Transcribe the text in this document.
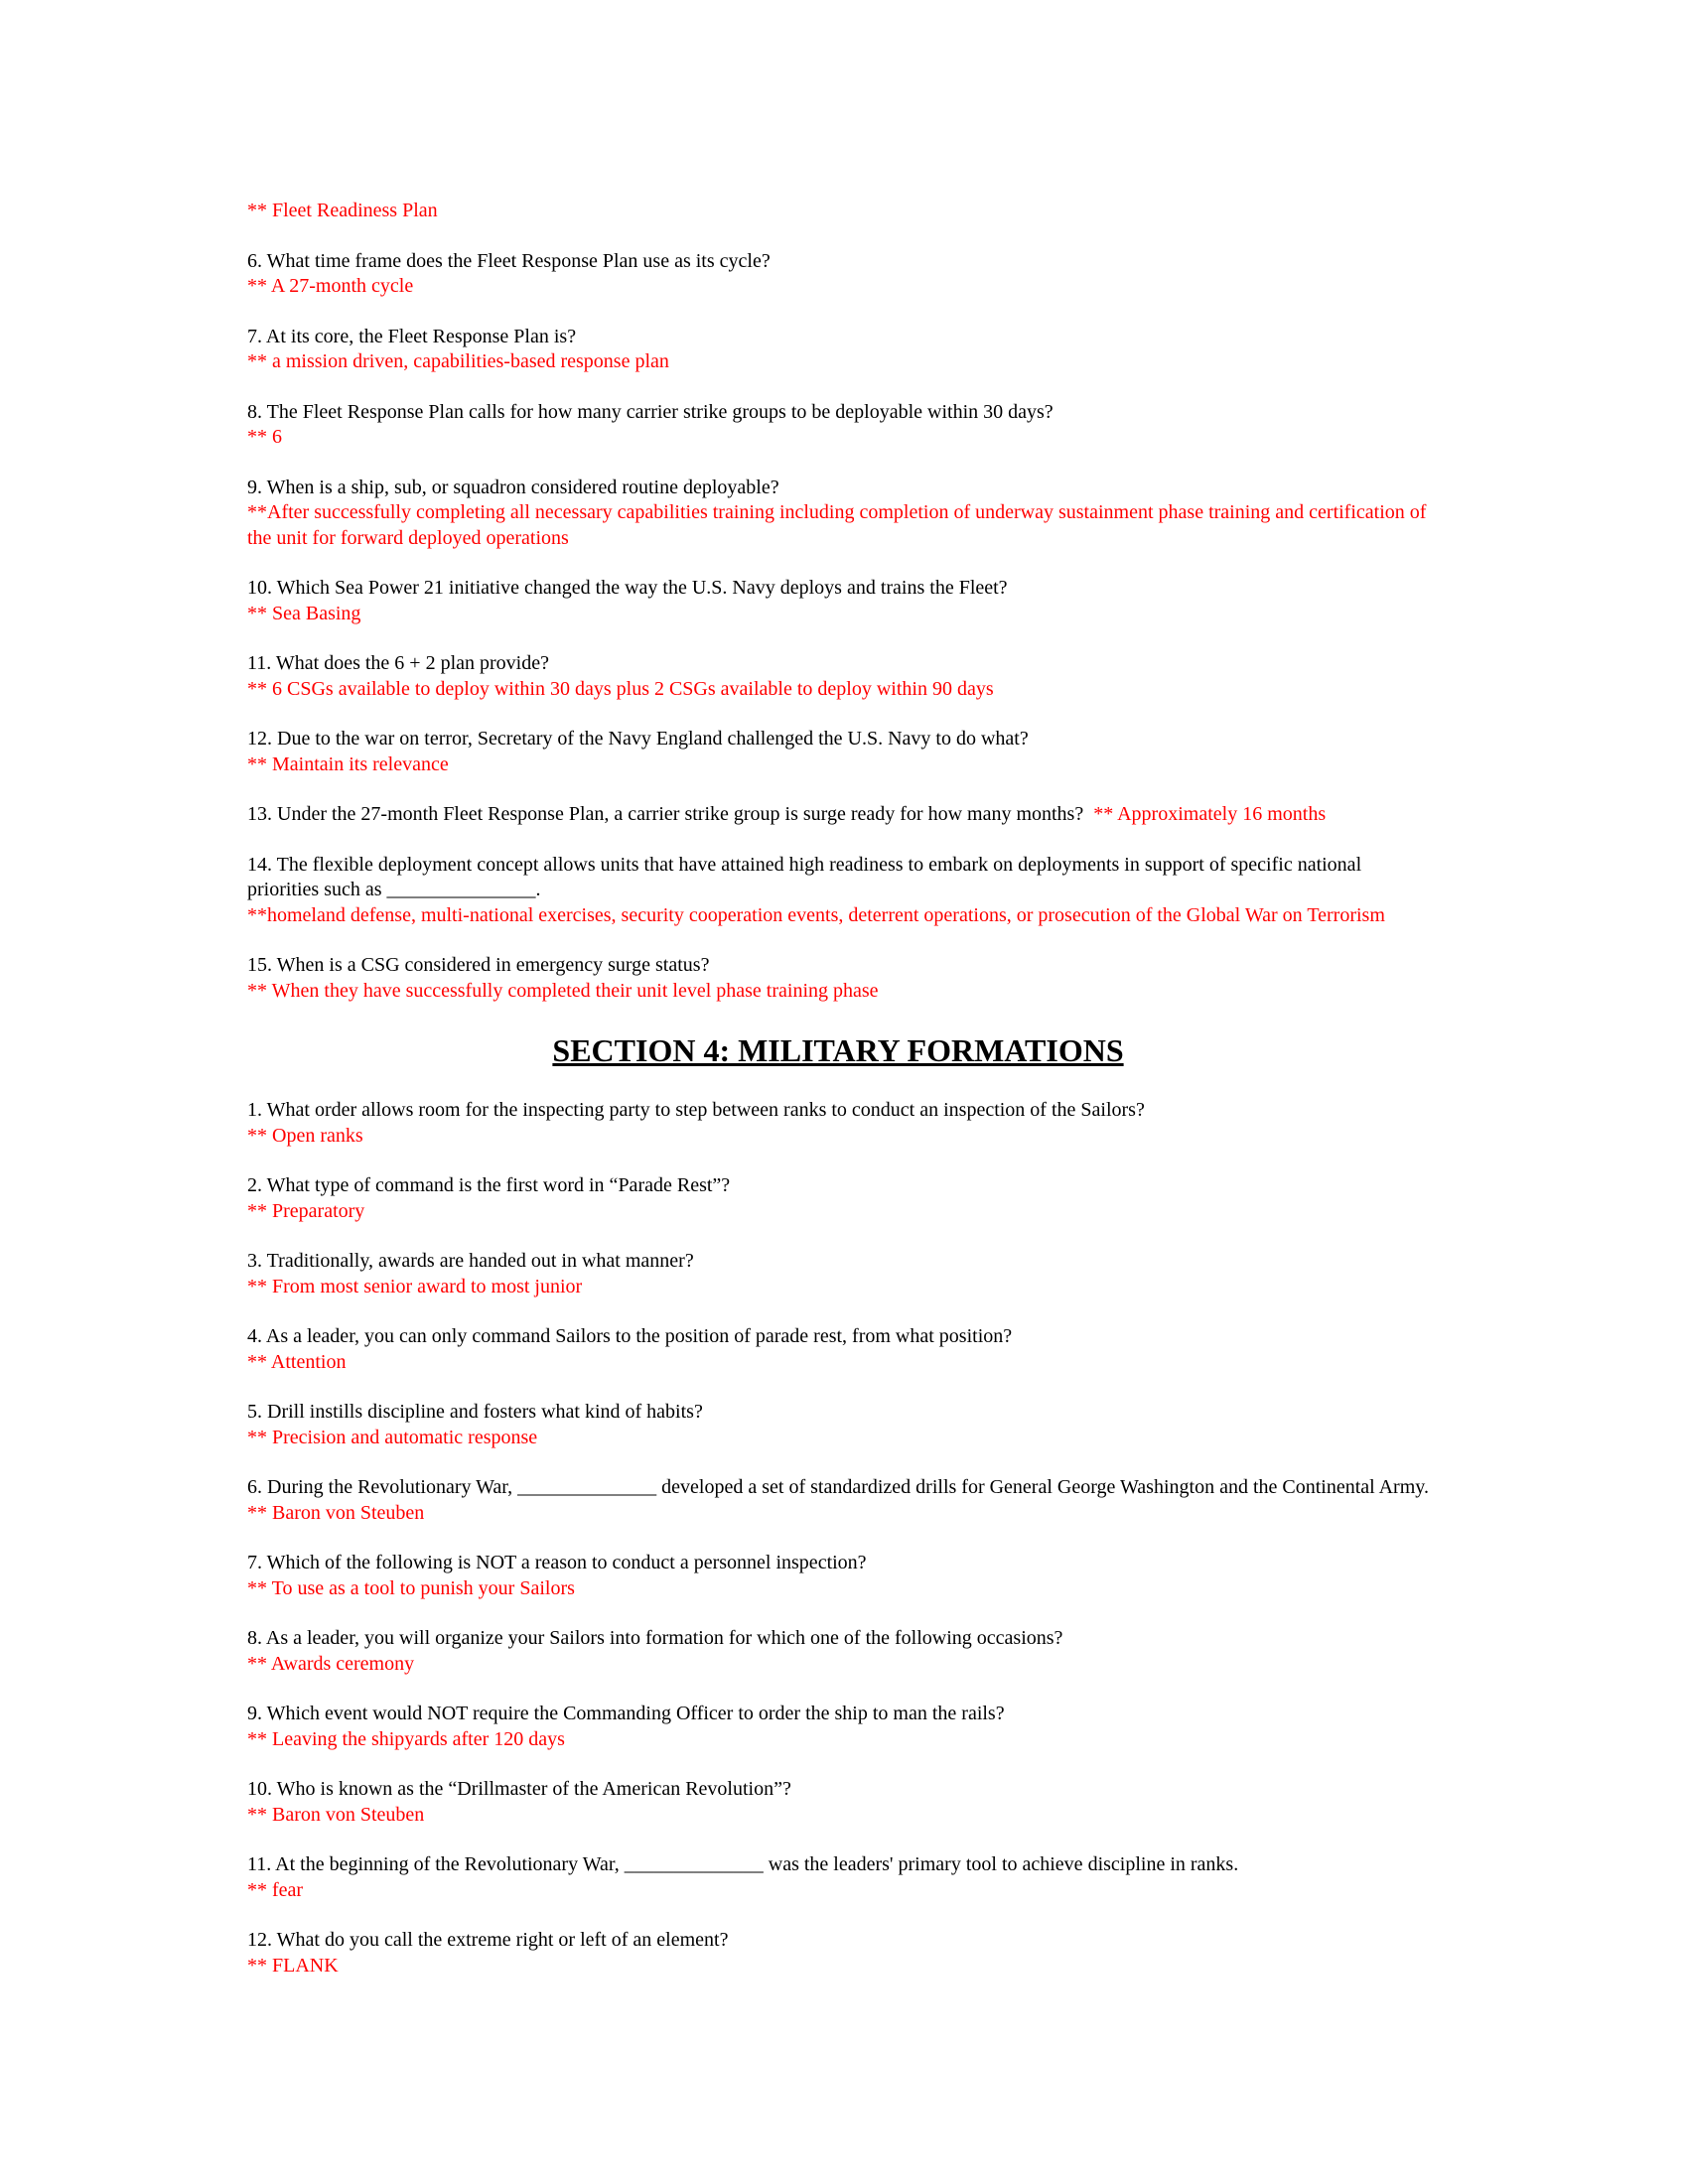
** Fleet Readiness Plan
6. What time frame does the Fleet Response Plan use as its cycle?
** A 27-month cycle
7. At its core, the Fleet Response Plan is?
** a mission driven, capabilities-based response plan
8. The Fleet Response Plan calls for how many carrier strike groups to be deployable within 30 days?
** 6
9. When is a ship, sub, or squadron considered routine deployable?
**After successfully completing all necessary capabilities training including completion of underway sustainment phase training and certification of the unit for forward deployed operations
10. Which Sea Power 21 initiative changed the way the U.S. Navy deploys and trains the Fleet?
** Sea Basing
11. What does the 6 + 2 plan provide?
** 6 CSGs available to deploy within 30 days plus 2 CSGs available to deploy within 90 days
12. Due to the war on terror, Secretary of the Navy England challenged the U.S. Navy to do what?
** Maintain its relevance
13. Under the 27-month Fleet Response Plan, a carrier strike group is surge ready for how many months? ** Approximately 16 months
14. The flexible deployment concept allows units that have attained high readiness to embark on deployments in support of specific national priorities such as _______________.
**homeland defense, multi-national exercises, security cooperation events, deterrent operations, or prosecution of the Global War on Terrorism
15. When is a CSG considered in emergency surge status?
** When they have successfully completed their unit level phase training phase
SECTION 4: MILITARY FORMATIONS
1. What order allows room for the inspecting party to step between ranks to conduct an inspection of the Sailors?
** Open ranks
2. What type of command is the first word in “Parade Rest”?
** Preparatory
3. Traditionally, awards are handed out in what manner?
** From most senior award to most junior
4. As a leader, you can only command Sailors to the position of parade rest, from what position?
** Attention
5. Drill instills discipline and fosters what kind of habits?
** Precision and automatic response
6. During the Revolutionary War, ______________ developed a set of standardized drills for General George Washington and the Continental Army.
** Baron von Steuben
7. Which of the following is NOT a reason to conduct a personnel inspection?
** To use as a tool to punish your Sailors
8. As a leader, you will organize your Sailors into formation for which one of the following occasions?
** Awards ceremony
9. Which event would NOT require the Commanding Officer to order the ship to man the rails?
** Leaving the shipyards after 120 days
10. Who is known as the “Drillmaster of the American Revolution”?
** Baron von Steuben
11. At the beginning of the Revolutionary War, ______________ was the leaders' primary tool to achieve discipline in ranks.
** fear
12. What do you call the extreme right or left of an element?
** FLANK
